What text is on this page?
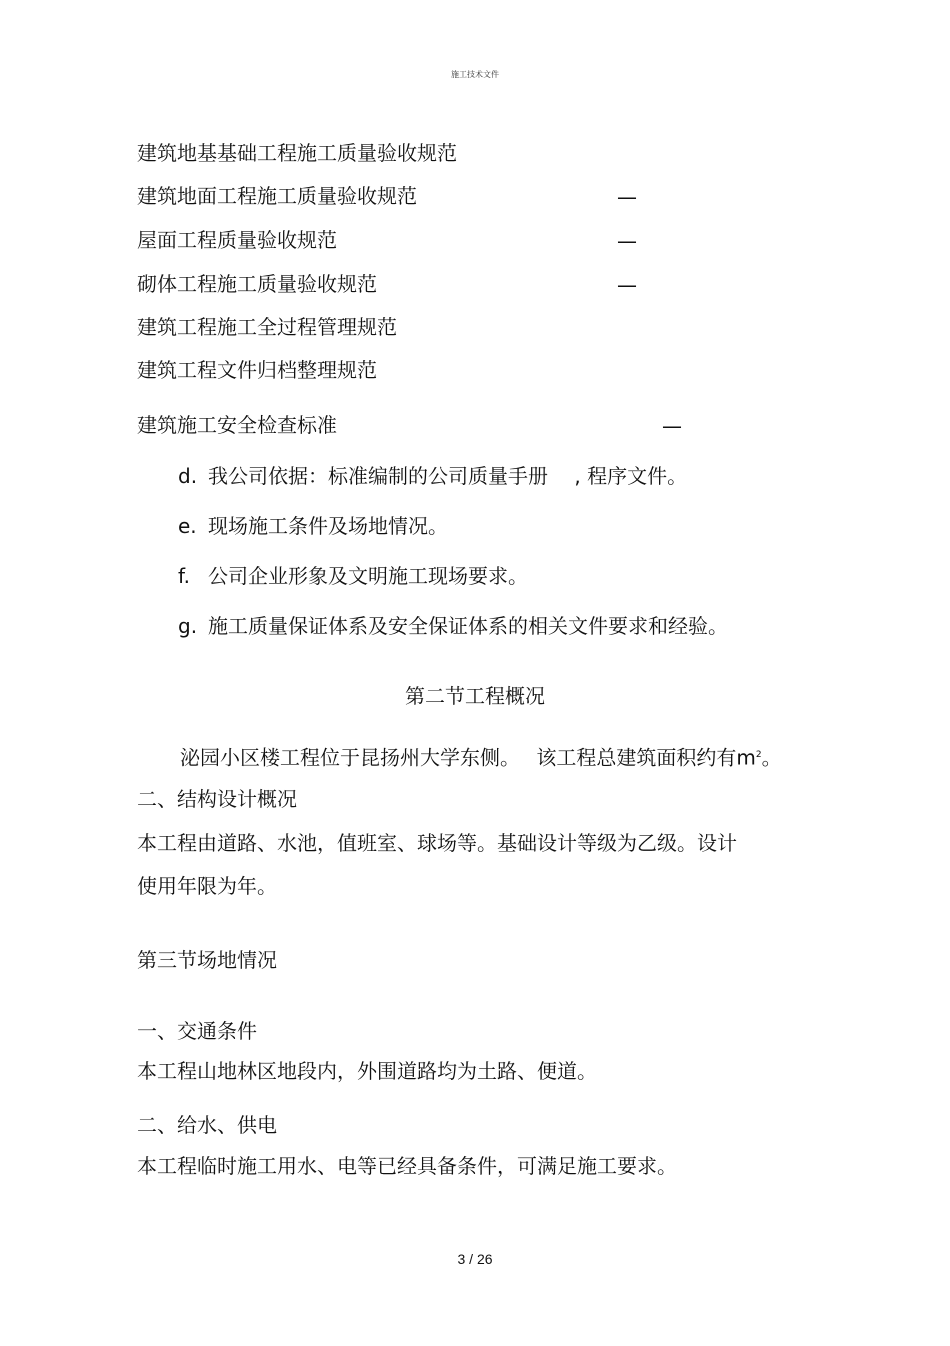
施工技术文件
建筑地基基础工程施工质量验收规范
建筑地面工程施工质量验收规范	—
屋面工程质量验收规范	—
砌体工程施工质量验收规范	—
建筑工程施工全过程管理规范
建筑工程文件归档整理规范
建筑施工安全检查标准	—
d. 我公司依据：标准编制的公司质量手册　 , 程序文件。
e. 现场施工条件及场地情况。
f. 公司企业形象及文明施工现场要求。
g. 施工质量保证体系及安全保证体系的相关文件要求和经验。
第二节工程概况
泌园小区楼工程位于昆扬州大学东侧。　 该工程总建筑面积约有$m^2$。
二、结构设计概况
本工程由道路、水池，值班室、球场等。基础设计等级为乙级。设计
使用年限为年。
第三节场地情况
一、交通条件
本工程山地林区地段内，外围道路均为土路、便道。
二、给水、供电
本工程临时施工用水、电等已经具备条件，可满足施工要求。
3 / 26
